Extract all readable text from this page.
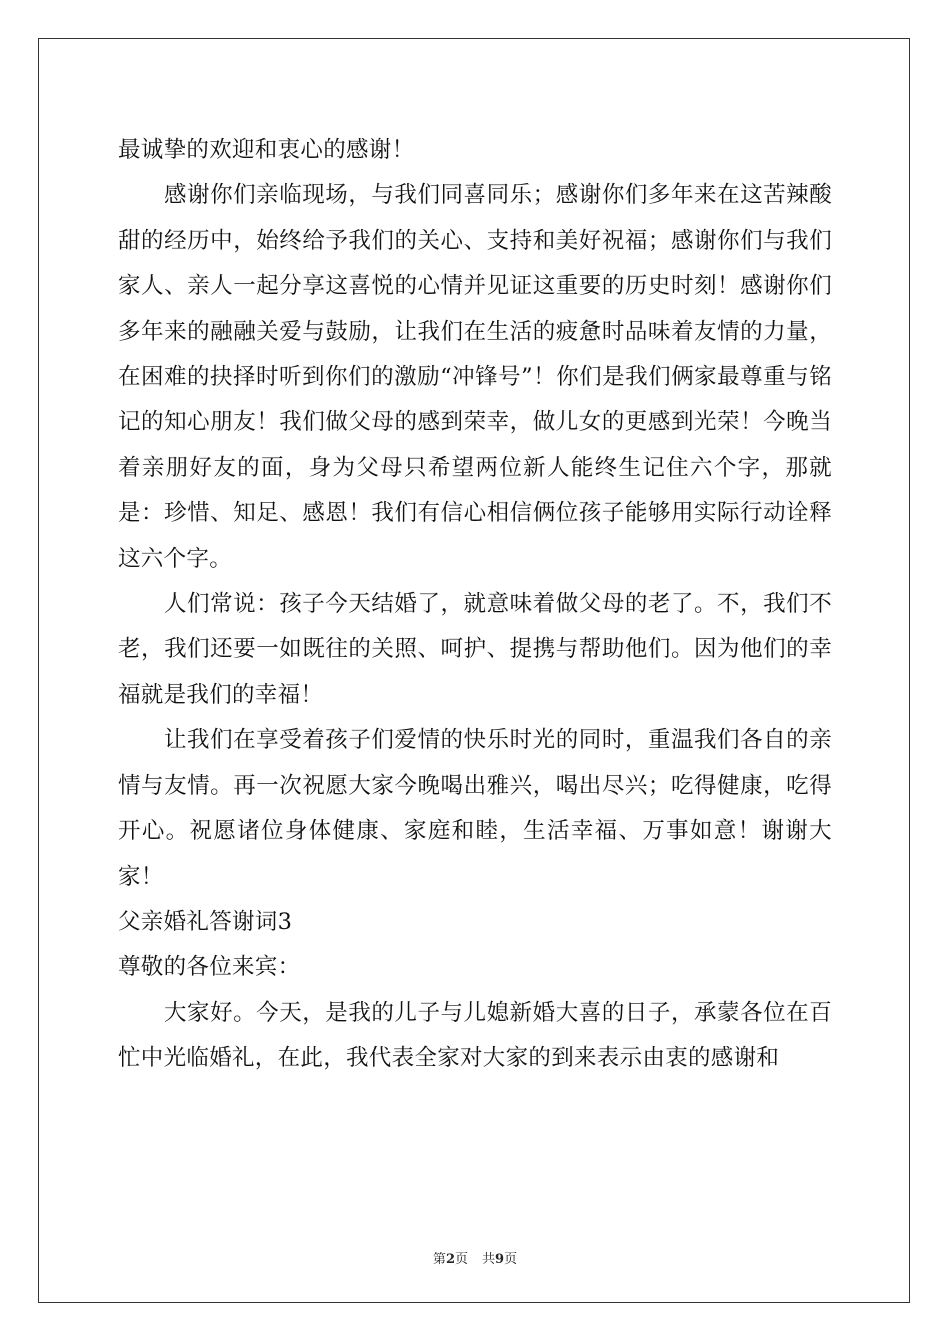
最诚挚的欢迎和衷心的感谢！

感谢你们亲临现场，与我们同喜同乐；感谢你们多年来在这苦辣酸甜的经历中，始终给予我们的关心、支持和美好祝福；感谢你们与我们家人、亲人一起分享这喜悦的心情并见证这重要的历史时刻！感谢你们多年来的融融关爱与鼓励，让我们在生活的疲惫时品味着友情的力量，在困难的抉择时听到你们的激励“冲锋号”！你们是我们俩家最尊重与铭记的知心朋友！我们做父母的感到荣幸，做儿女的更感到光荣！今晚当着亲朋好友的面，身为父母只希望两位新人能终生记住六个字，那就是：珍惜、知足、感恩！我们有信心相信俩位孩子能够用实际行动诠释这六个字。

人们常说：孩子今天结婚了，就意味着做父母的老了。不，我们不老，我们还要一如既往的关照、呵护、提携与帮助他们。因为他们的幸福就是我们的幸福！

让我们在享受着孩子们爱情的快乐时光的同时，重温我们各自的亲情与友情。再一次祝愿大家今晚喝出雅兴，喝出尽兴；吃得健康，吃得开心。祝愿诸位身体健康、家庭和睦，生活幸福、万事如意！谢谢大家！

父亲婚礼答谢词3

尊敬的各位来宾：

大家好。今天，是我的儿子与儿媳新婚大喜的日子，承蒙各位在百忙中光临婚礼，在此，我代表全家对大家的到来表示由衷的感谢和

第2页 共9页
